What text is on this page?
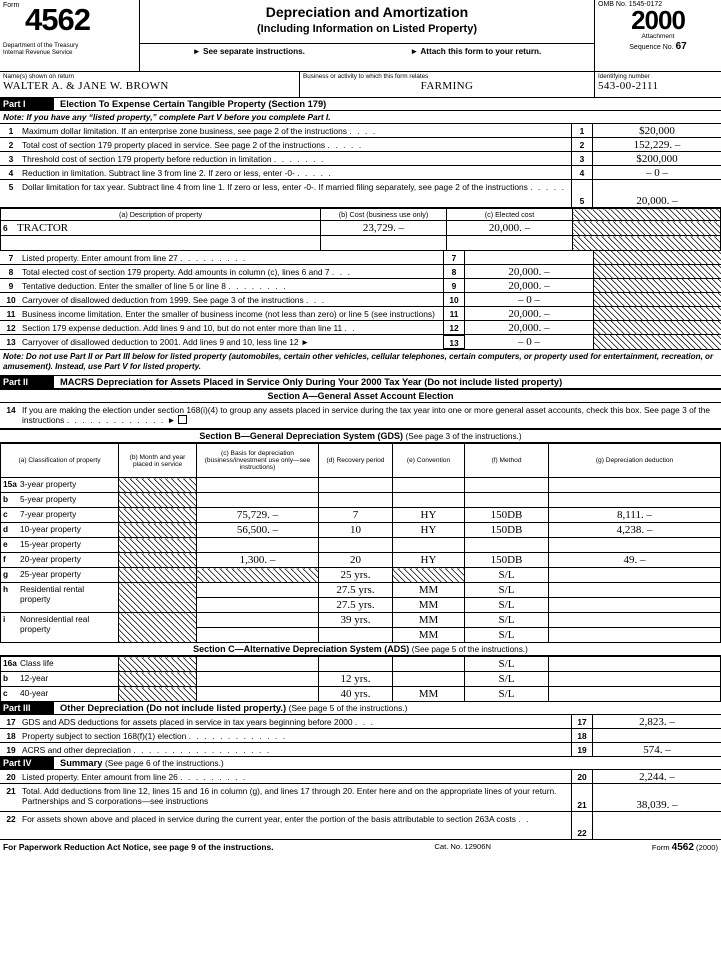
Form 4562
Department of the Treasury
Internal Revenue Service
Depreciation and Amortization
(Including Information on Listed Property)
► See separate instructions.	► Attach this form to your return.
OMB No. 1545-0172
2000
Attachment
Sequence No. 67
Name(s) shown on return
WALTER A. & JANE W. BROWN
Business or activity to which this form relates
FARMING
Identifying number
543-00-2111
Part I	Election To Expense Certain Tangible Property (Section 179)
Note: If you have any “listed property,” complete Part V before you complete Part I.
1	Maximum dollar limitation. If an enterprise zone business, see page 2 of the instructions . . . .	1	$20,000
2	Total cost of section 179 property placed in service. See page 2 of the instructions . . . . .	2	152,229. –
3	Threshold cost of section 179 property before reduction in limitation . . . . . . .	3	$200,000
4	Reduction in limitation. Subtract line 3 from line 2. If zero or less, enter -0- . . . . .	4	– 0 –
5	Dollar limitation for tax year. Subtract line 4 from line 1. If zero or less, enter -0-. If married filing separately, see page 2 of the instructions . . . . .
5	20,000. –
(a) Description of property	(b) Cost (business use only)	(c) Elected cost	
6 TRACTOR	23,729. –	20,000. –	

7	Listed property. Enter amount from line 27 . . . . . . . . .	7
8	Total elected cost of section 179 property. Add amounts in column (c), lines 6 and 7 . . .	8	20,000. –
9	Tentative deduction. Enter the smaller of line 5 or line 8 . . . . . . . .	9	20,000. –
10 Carryover of disallowed deduction from 1999. See page 3 of the instructions . . .	10	– 0 –
11 Business income limitation. Enter the smaller of business income (not less than zero) or line 5 (see instructions)	11	20,000. –
12 Section 179 expense deduction. Add lines 9 and 10, but do not enter more than line 11 . .	12	20,000. –
13 Carryover of disallowed deduction to 2001. Add lines 9 and 10, less line 12 ►	13	– 0 –
Note: Do not use Part II or Part III below for listed property (automobiles, certain other vehicles, cellular telephones, certain computers, or property used for entertainment, recreation, or amusement). Instead, use Part V for listed property.
Part II	MACRS Depreciation for Assets Placed in Service Only During Your 2000 Tax Year (Do not include listed property)
Section A—General Asset Account Election
14 If you are making the election under section 168(i)(4) to group any assets placed in service during the tax year into one or more general asset accounts, check this box. See page 3 of the instructions . . . . . . . . . . . . . ►
Section B—General Depreciation System (GDS) (See page 3 of the instructions.)
(a) Classification of property	(b) Month and year placed in service	(c) Basis for depreciation (business/investment use only—see instructions)	(d) Recovery period	(e) Convention	(f) Method	(g) Depreciation deduction
15a 3-year property						
b 5-year property						
c 7-year property		75,729. –	7	HY	150DB	8,111. –
d 10-year property		56,500. –	10	HY	150DB	4,238. –
e 15-year property						
f 20-year property		1,300. –	20	HY	150DB	49. –
g 25-year property			25 yrs.		S/L	
h Residential rental
property			27.5 yrs.	MM	S/L	
			27.5 yrs.	MM	S/L	
i Nonresidential real
property			39 yrs.	MM	S/L	
				MM	S/L	
Section C—Alternative Depreciation System (ADS) (See page 5 of the instructions.)
16a Class life					S/L	
b 12-year			12 yrs.		S/L	
c 40-year			40 yrs.	MM	S/L	
Part III	Other Depreciation (Do not include listed property.)
(See page 5 of the instructions.)
17 GDS and ADS deductions for assets placed in service in tax years beginning before 2000 . . .	17	2,823. –
18 Property subject to section 168(f)(1) election . . . . . . . . . . . . .	18
19 ACRS and other depreciation . . . . . . . . . . . . . . . . . .	19	574. –
Part IV	Summary
(See page 6 of the instructions.)
20 Listed property. Enter amount from line 26 . . . . . . . . .	20	2,244. –
21 Total. Add deductions from line 12, lines 15 and 16 in column (g), and lines 17 through 20. Enter here and on the appropriate lines of your return. Partnerships and S corporations—see instructions	21	38,039. –
22 For assets shown above and placed in service during the current year, enter the portion of the basis attributable to section 263A costs . .
22
For Paperwork Reduction Act Notice, see page 9 of the instructions.	Cat. No. 12906N	Form 4562 (2000)
